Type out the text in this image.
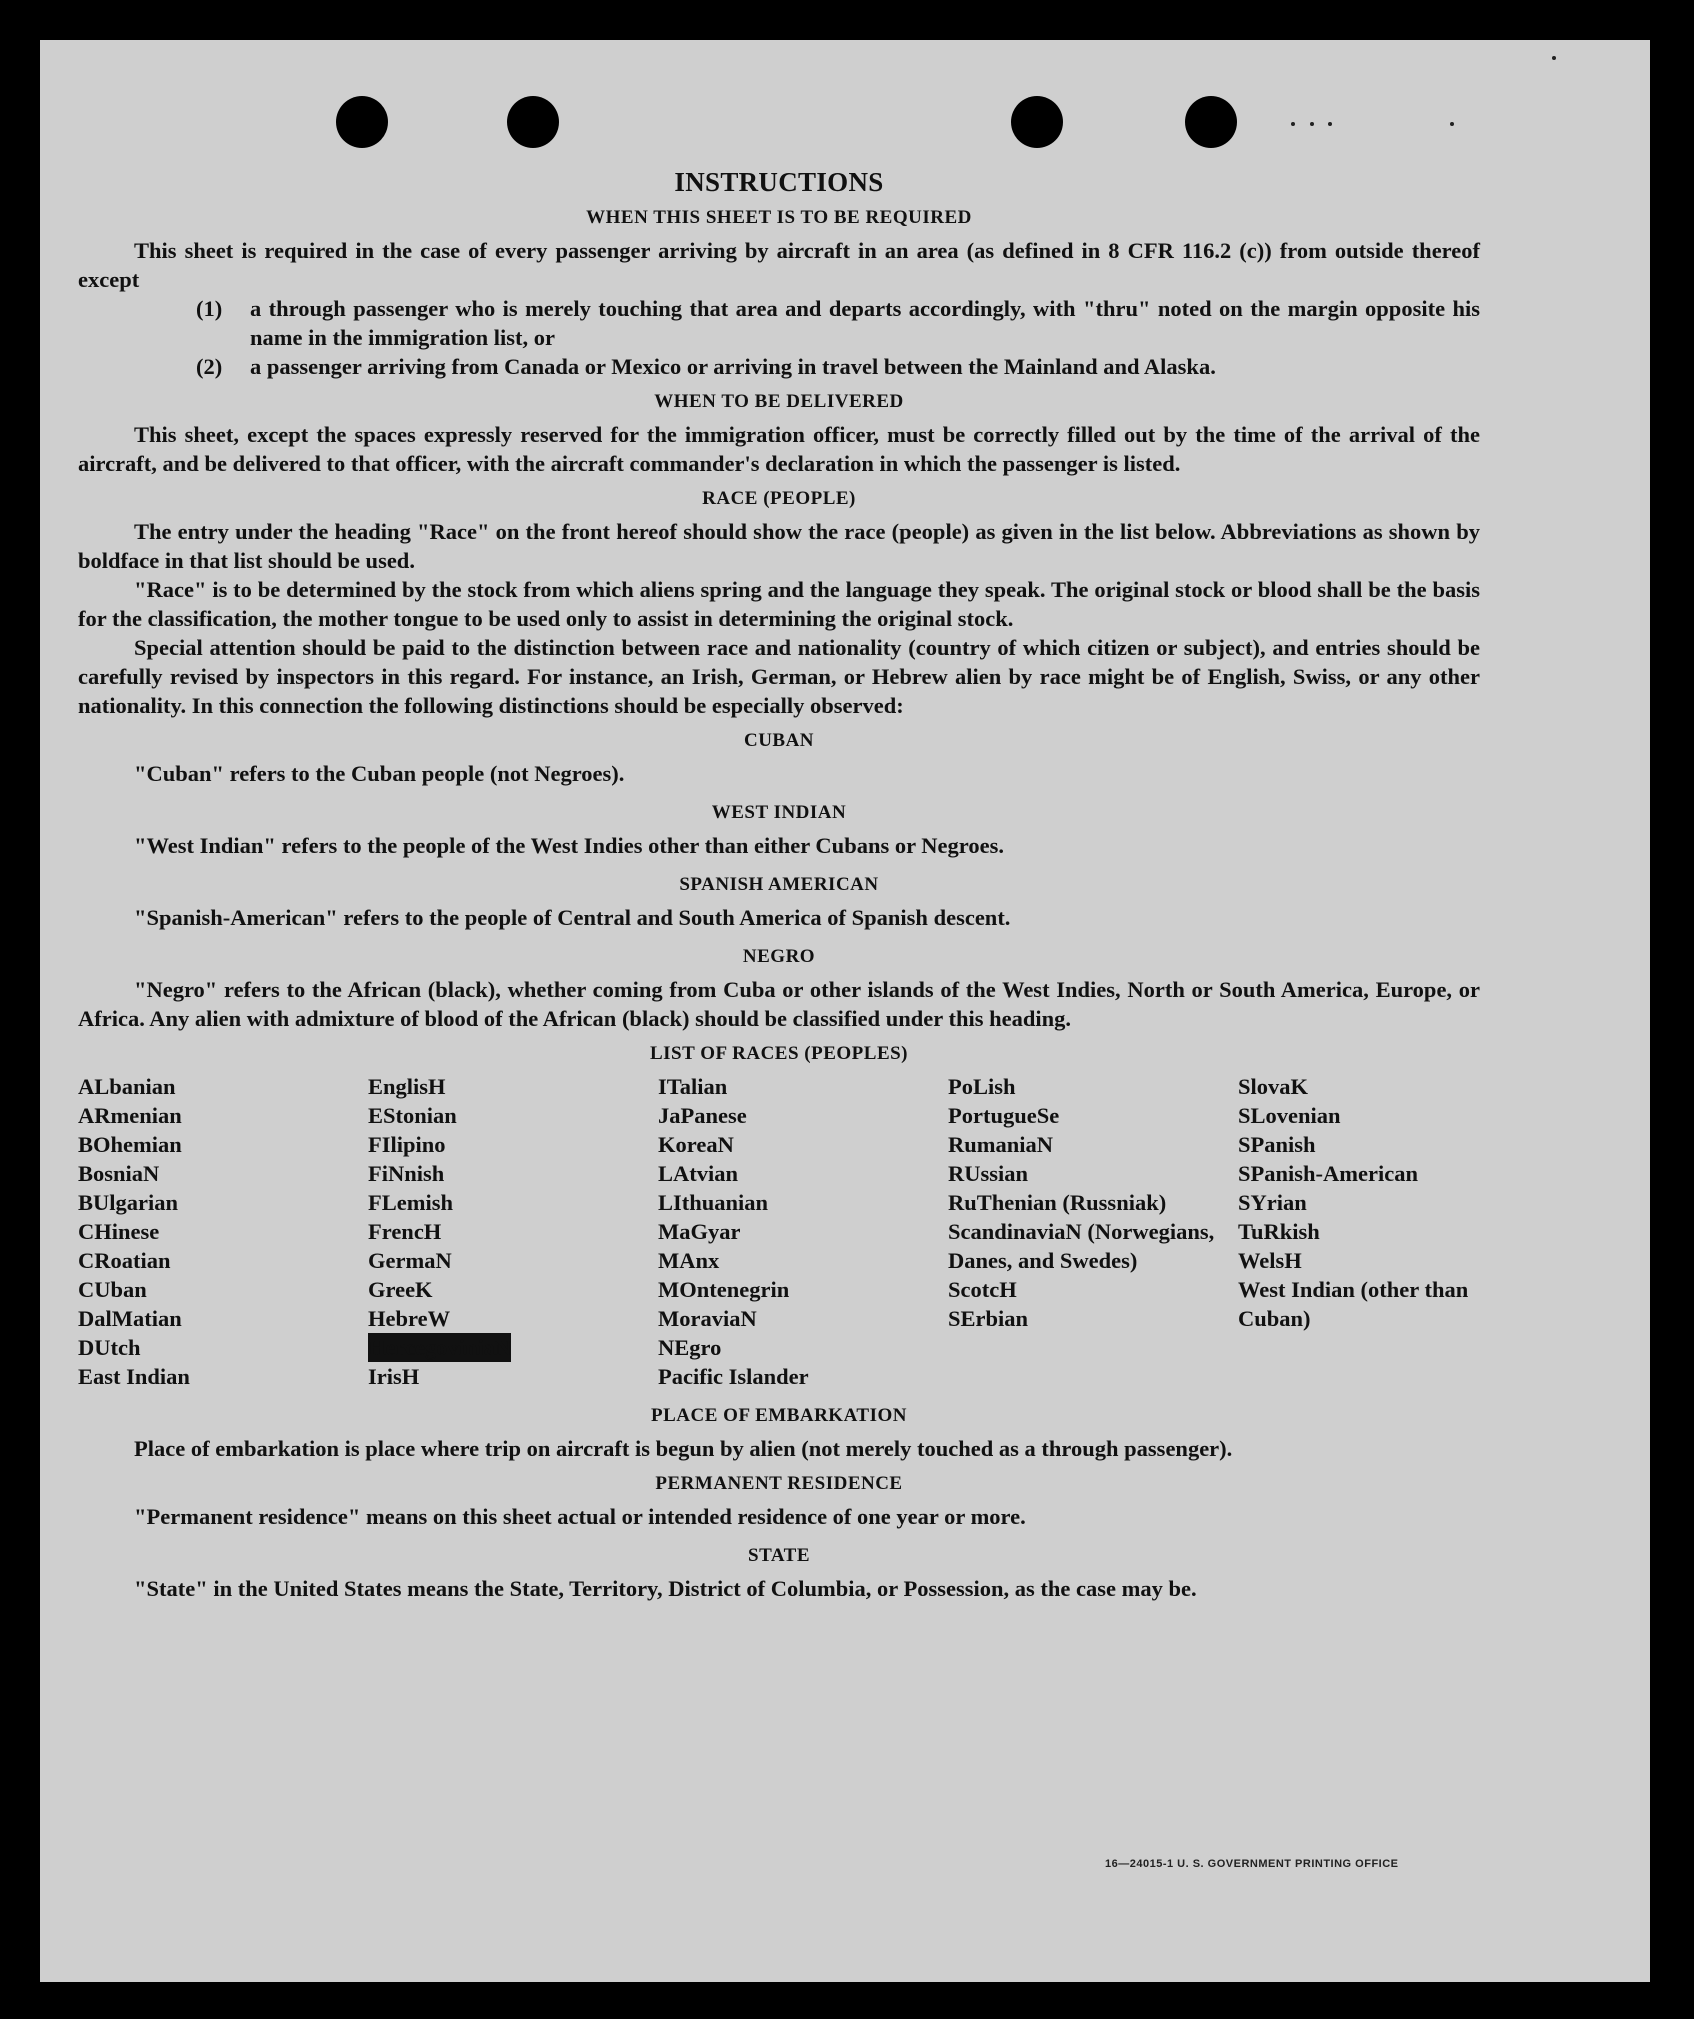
INSTRUCTIONS
WHEN THIS SHEET IS TO BE REQUIRED

This sheet is required in the case of every passenger arriving by aircraft in an area (as defined in 8 CFR 116.2 (c)) from outside thereof except

(1)	a through passenger who is merely touching that area and departs accordingly, with "thru" noted on the margin opposite his name in the immigration list, or
(2)	a passenger arriving from Canada or Mexico or arriving in travel between the Mainland and Alaska.
WHEN TO BE DELIVERED

This sheet, except the spaces expressly reserved for the immigration officer, must be correctly filled out by the time of the arrival of the aircraft, and be delivered to that officer, with the aircraft commander's declaration in which the passenger is listed.

RACE (PEOPLE)

The entry under the heading "Race" on the front hereof should show the race (people) as given in the list below. Abbreviations as shown by boldface in that list should be used.

"Race" is to be determined by the stock from which aliens spring and the language they speak. The original stock or blood shall be the basis for the classification, the mother tongue to be used only to assist in determining the original stock.

Special attention should be paid to the distinction between race and nationality (country of which citizen or subject), and entries should be carefully revised by inspectors in this regard. For instance, an Irish, German, or Hebrew alien by race might be of English, Swiss, or any other nationality. In this connection the following distinctions should be especially observed:

CUBAN

"Cuban" refers to the Cuban people (not Negroes).

WEST INDIAN

"West Indian" refers to the people of the West Indies other than either Cubans or Negroes.

SPANISH AMERICAN

"Spanish-American" refers to the people of Central and South America of Spanish descent.

NEGRO

"Negro" refers to the African (black), whether coming from Cuba or other islands of the West Indies, North or South America, Europe, or Africa. Any alien with admixture of blood of the African (black) should be classified under this heading.

LIST OF RACES (PEOPLES)
ALbanian
ARmenian
BOhemian
BosniaN
BUlgarian
CHinese
CRoatian
CUban
DalMatian
DUtch
East Indian
EnglisH
EStonian
FIlipino
FiNnish
FLemish
FrencH
GermaN
GreeK
HebreW
HercegoviniaN
IrisH
ITalian
JaPanese
KoreaN
LAtvian
LIthuanian
MaGyar
MAnx
MOntenegrin
MoraviaN
NEgro
Pacific Islander
PoLish
PortugueSe
RumaniaN
RUssian
RuThenian (Russniak)
ScandinaviaN (Norwegians, Danes, and Swedes)
ScotcH
SErbian
SlovaK
SLovenian
SPanish
SPanish-American
SYrian
TuRkish
WelsH
West Indian (other than Cuban)
PLACE OF EMBARKATION

Place of embarkation is place where trip on aircraft is begun by alien (not merely touched as a through passenger).

PERMANENT RESIDENCE

"Permanent residence" means on this sheet actual or intended residence of one year or more.

STATE

"State" in the United States means the State, Territory, District of Columbia, or Possession, as the case may be.

16—24015-1 U. S. GOVERNMENT PRINTING OFFICE
